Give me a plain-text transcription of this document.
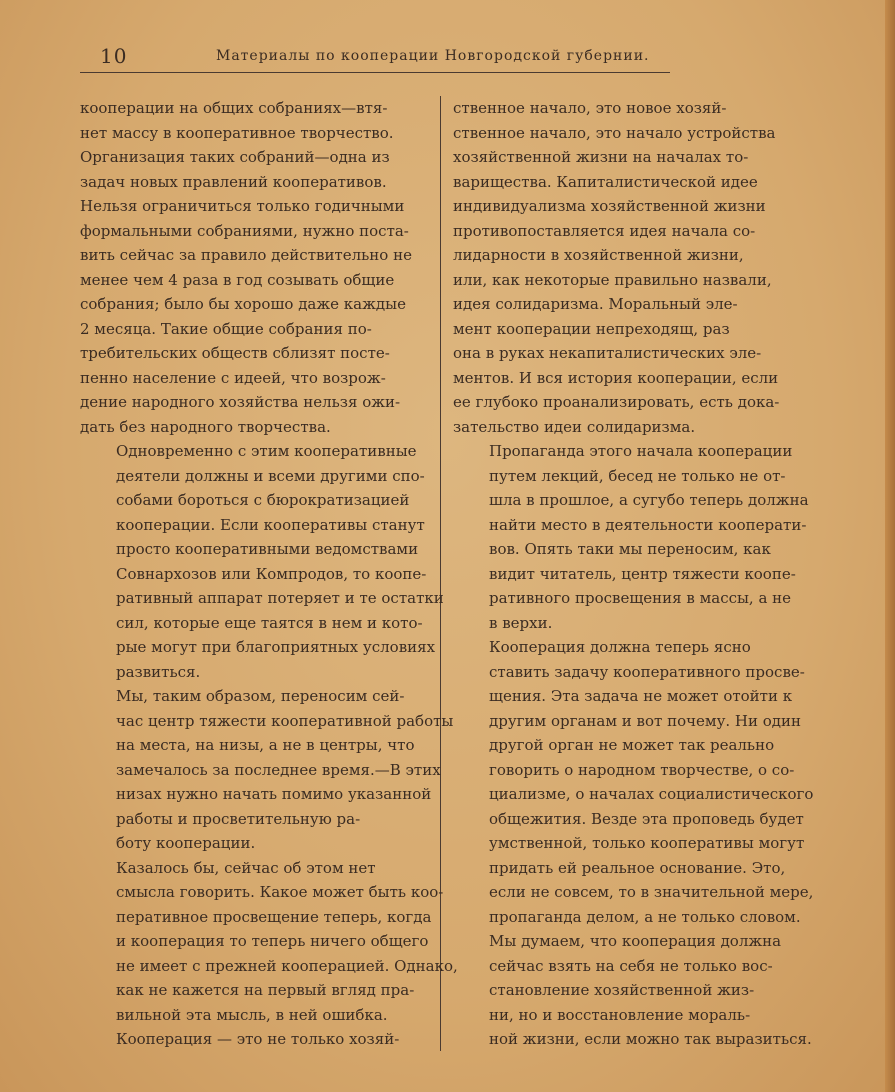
10	Материалы по кооперации Новгородской губернии.

кооперации на общих собраниях—втя-
нет массу в кооперативное творчество.
Организация таких собраний—одна из
задач новых правлений кооперативов.
Нельзя ограничиться только годичными
формальными собраниями, нужно поста-
вить сейчас за правило действительно не
менее чем 4 раза в год созывать общие
собрания; было бы хорошо даже каждые
2 месяца. Такие общие собрания по-
требительских обществ сблизят посте-
пенно население с идеей, что возрож-
дение народного хозяйства нельзя ожи-
дать без народного творчества.

Одновременно с этим кооперативные
деятели должны и всеми другими спо-
собами бороться с бюрократизацией
кооперации. Если кооперативы станут
просто кооперативными ведомствами
Совнархозов или Компродов, то коопе-
ративный аппарат потеряет и те остатки
сил, которые еще таятся в нем и кото-
рые могут при благоприятных условиях
развиться.

Мы, таким образом, переносим сей-
час центр тяжести кооперативной работы
на места, на низы, а не в центры, что
замечалось за последнее время.—В этих
низах нужно начать помимо указанной
работы и просветительную ра-
боту кооперации.

Казалось бы, сейчас об этом нет
смысла говорить. Какое может быть коо-
перативное просвещение теперь, когда
и кооперация то теперь ничего общего
не имеет с прежней кооперацией. Однако,
как не кажется на первый вгляд пра-
вильной эта мысль, в ней ошибка.

Кооперация — это не только хозяй-

ственное начало, это новое хозяй-
ственное начало, это начало устройства
хозяйственной жизни на началах то-
варищества. Капиталистической идее
индивидуализма хозяйственной жизни
противопоставляется идея начала со-
лидарности в хозяйственной жизни,
или, как некоторые правильно назвали,
идея солидаризма. Моральный эле-
мент кооперации непреходящ, раз
она в руках некапиталистических эле-
ментов. И вся история кооперации, если
ее глубоко проанализировать, есть дока-
зательство идеи солидаризма.

Пропаганда этого начала кооперации
путем лекций, бесед не только не от-
шла в прошлое, а сугубо теперь должна
найти место в деятельности кооперати-
вов. Опять таки мы переносим, как
видит читатель, центр тяжести коопе-
ративного просвещения в массы, а не
в верхи.

Кооперация должна теперь ясно
ставить задачу кооперативного просве-
щения. Эта задача не может отойти к
другим органам и вот почему. Ни один
другой орган не может так реально
говорить о народном творчестве, о со-
циализме, о началах социалистического
общежития. Везде эта проповедь будет
умственной, только кооперативы могут
придать ей реальное основание. Это,
если не совсем, то в значительной мере,
пропаганда делом, а не только словом.

Мы думаем, что кооперация должна
сейчас взять на себя не только вос-
становление хозяйственной жиз-
ни, но и восстановление мораль-
ной жизни, если можно так выразиться.
